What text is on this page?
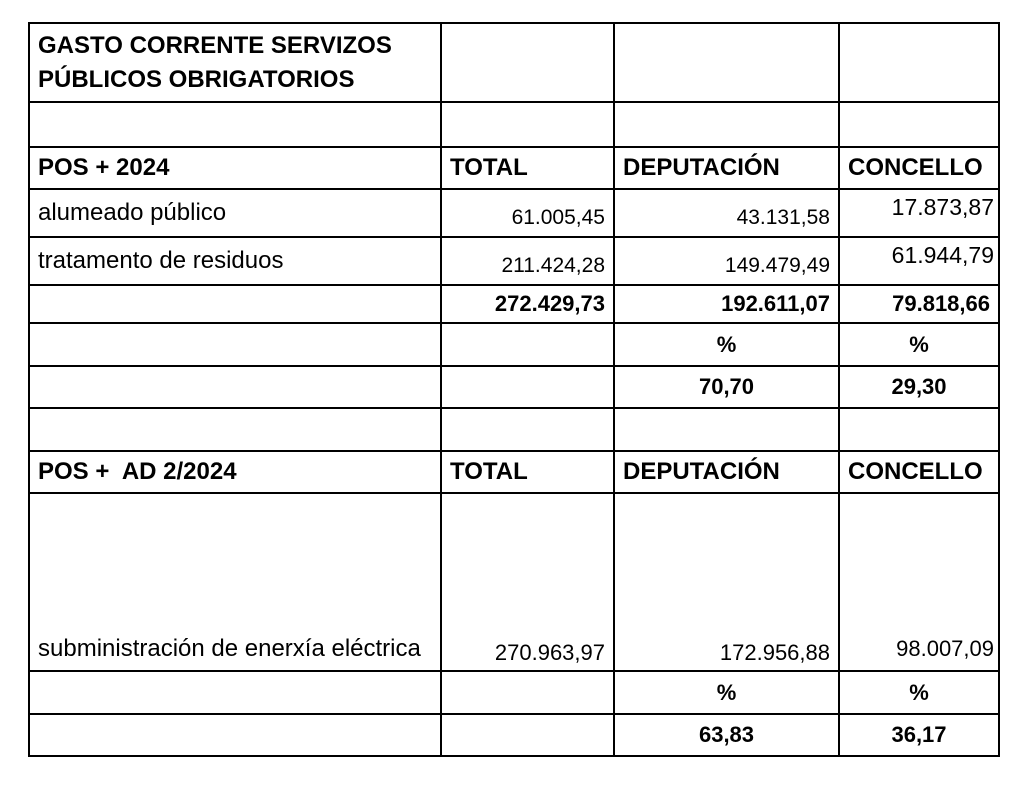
GASTO CORRENTE SERVIZOS PÚBLICOS OBRIGATORIOS			

POS + 2024	TOTAL	DEPUTACIÓN	CONCELLO
alumeado público	61.005,45	43.131,58	17.873,87
tratamento de residuos	211.424,28	149.479,49	61.944,79
	272.429,73	192.611,07	79.818,66
		%	%
		70,70	29,30

POS +  AD 2/2024	TOTAL	DEPUTACIÓN	CONCELLO
subministración de enerxía eléctrica	270.963,97	172.956,88	98.007,09
		%	%
		63,83	36,17
